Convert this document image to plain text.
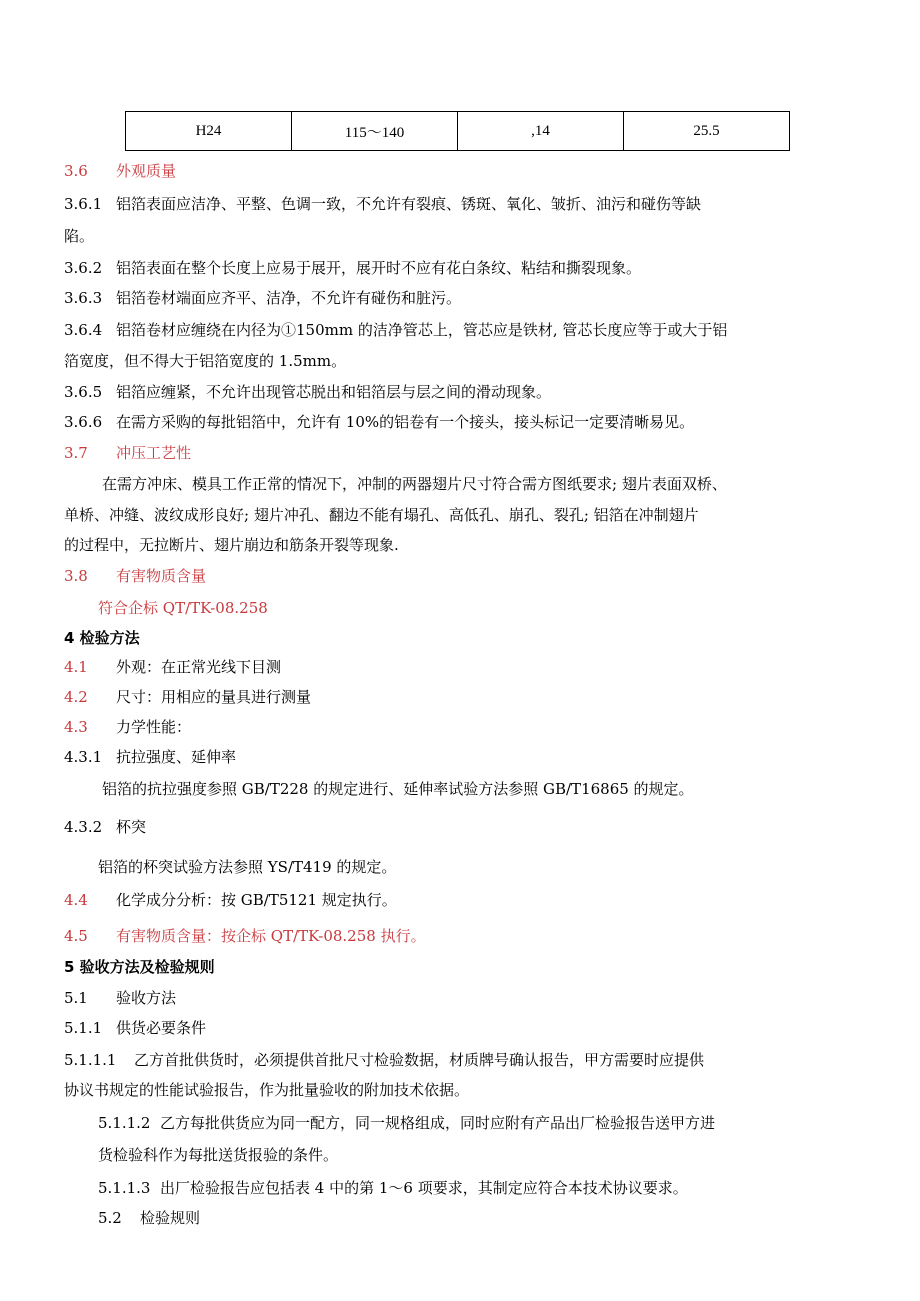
H24	115～140	,14	25.5
3.6 外观质量
3.6.1 铝箔表面应洁净、平整、色调一致，不允许有裂痕、锈斑、氧化、皱折、油污和碰伤等缺
陷。
3.6.2 铝箔表面在整个长度上应易于展开，展开时不应有花白条纹、粘结和撕裂现象。
3.6.3 铝箔卷材端面应齐平、洁净，不允许有碰伤和脏污。
3.6.4 铝箔卷材应缠绕在内径为①150mm 的洁净管芯上，管芯应是铁材, 管芯长度应等于或大于铝
箔宽度，但不得大于铝箔宽度的 1.5mm。
3.6.5 铝箔应缠紧，不允许出现管芯脱出和铝箔层与层之间的滑动现象。
3.6.6 在需方采购的每批铝箔中，允许有 10%的铝卷有一个接头，接头标记一定要清晰易见。
3.7 冲压工艺性
在需方冲床、模具工作正常的情况下，冲制的两器翅片尺寸符合需方图纸要求; 翅片表面双桥、
单桥、冲缝、波纹成形良好; 翅片冲孔、翻边不能有塌孔、高低孔、崩孔、裂孔; 铝箔在冲制翅片
的过程中，无拉断片、翅片崩边和筋条开裂等现象.
3.8 有害物质含量
符合企标 QT/TK-08.258
4 检验方法
4.1 外观：在正常光线下目测
4.2 尺寸：用相应的量具进行测量
4.3 力学性能：
4.3.1 抗拉强度、延伸率
铝箔的抗拉强度参照 GB/T228 的规定进行、延伸率试验方法参照 GB/T16865 的规定。
4.3.2 杯突
铝箔的杯突试验方法参照 YS/T419 的规定。
4.4 化学成分分析：按 GB/T5121 规定执行。
4.5 有害物质含量：按企标 QT/TK-08.258 执行。
5 验收方法及检验规则
5.1 验收方法
5.1.1 供货必要条件
5.1.1.1 乙方首批供货时，必须提供首批尺寸检验数据，材质牌号确认报告，甲方需要时应提供
协议书规定的性能试验报告，作为批量验收的附加技术依据。
5.1.1.2 乙方每批供货应为同一配方，同一规格组成，同时应附有产品出厂检验报告送甲方进
货检验科作为每批送货报验的条件。
5.1.1.3 出厂检验报告应包括表 4 中的第 1～6 项要求，其制定应符合本技术协议要求。
5.2 检验规则
